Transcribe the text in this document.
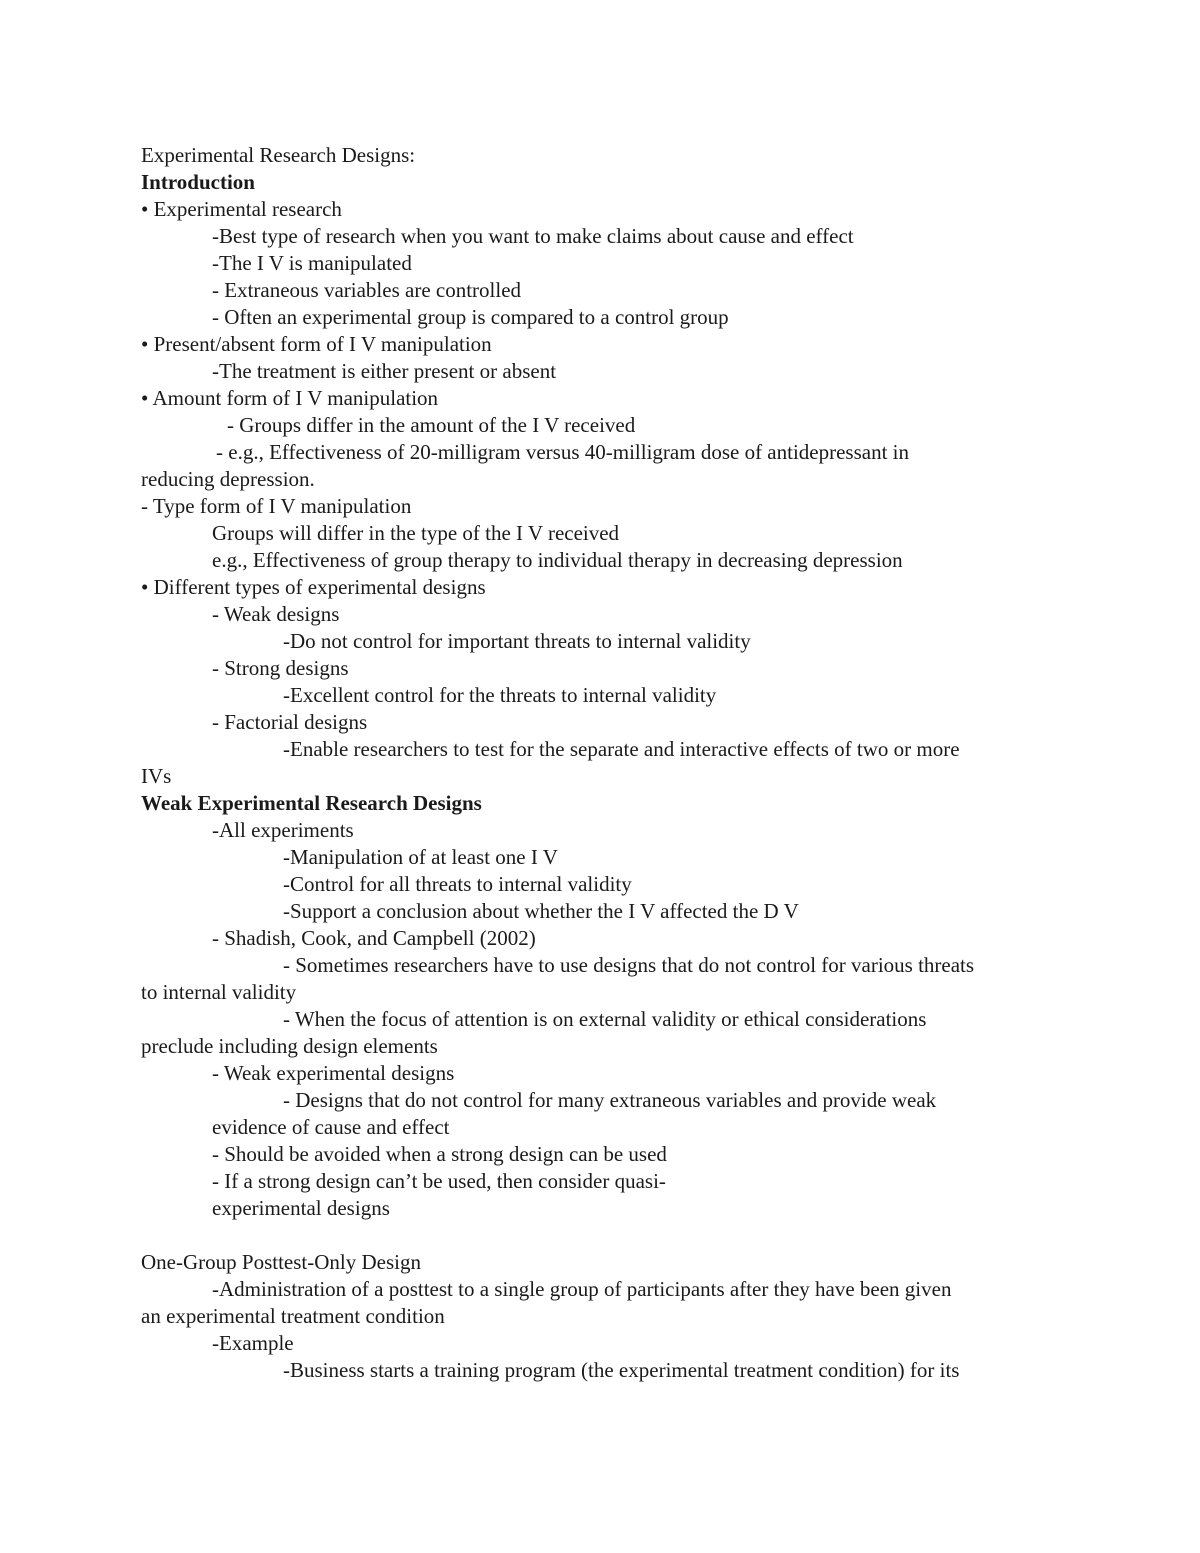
Experimental Research Designs:
Introduction
• Experimental research
-Best type of research when you want to make claims about cause and effect
-The I V is manipulated
- Extraneous variables are controlled
- Often an experimental group is compared to a control group
• Present/absent form of I V manipulation
-The treatment is either present or absent
• Amount form of I V manipulation
- Groups differ in the amount of the I V received
- e.g., Effectiveness of 20-milligram versus 40-milligram dose of antidepressant in
reducing depression.
- Type form of I V manipulation
Groups will differ in the type of the I V received
e.g., Effectiveness of group therapy to individual therapy in decreasing depression
• Different types of experimental designs
- Weak designs
-Do not control for important threats to internal validity
- Strong designs
-Excellent control for the threats to internal validity
- Factorial designs
-Enable researchers to test for the separate and interactive effects of two or more
IVs
Weak Experimental Research Designs
-All experiments
-Manipulation of at least one I V
-Control for all threats to internal validity
-Support a conclusion about whether the I V affected the D V
- Shadish, Cook, and Campbell (2002)
- Sometimes researchers have to use designs that do not control for various threats
to internal validity
- When the focus of attention is on external validity or ethical considerations
preclude including design elements
- Weak experimental designs
- Designs that do not control for many extraneous variables and provide weak
evidence of cause and effect
- Should be avoided when a strong design can be used
- If a strong design can’t be used, then consider quasi-
experimental designs
One-Group Posttest-Only Design
-Administration of a posttest to a single group of participants after they have been given
an experimental treatment condition
-Example
-Business starts a training program (the experimental treatment condition) for its
